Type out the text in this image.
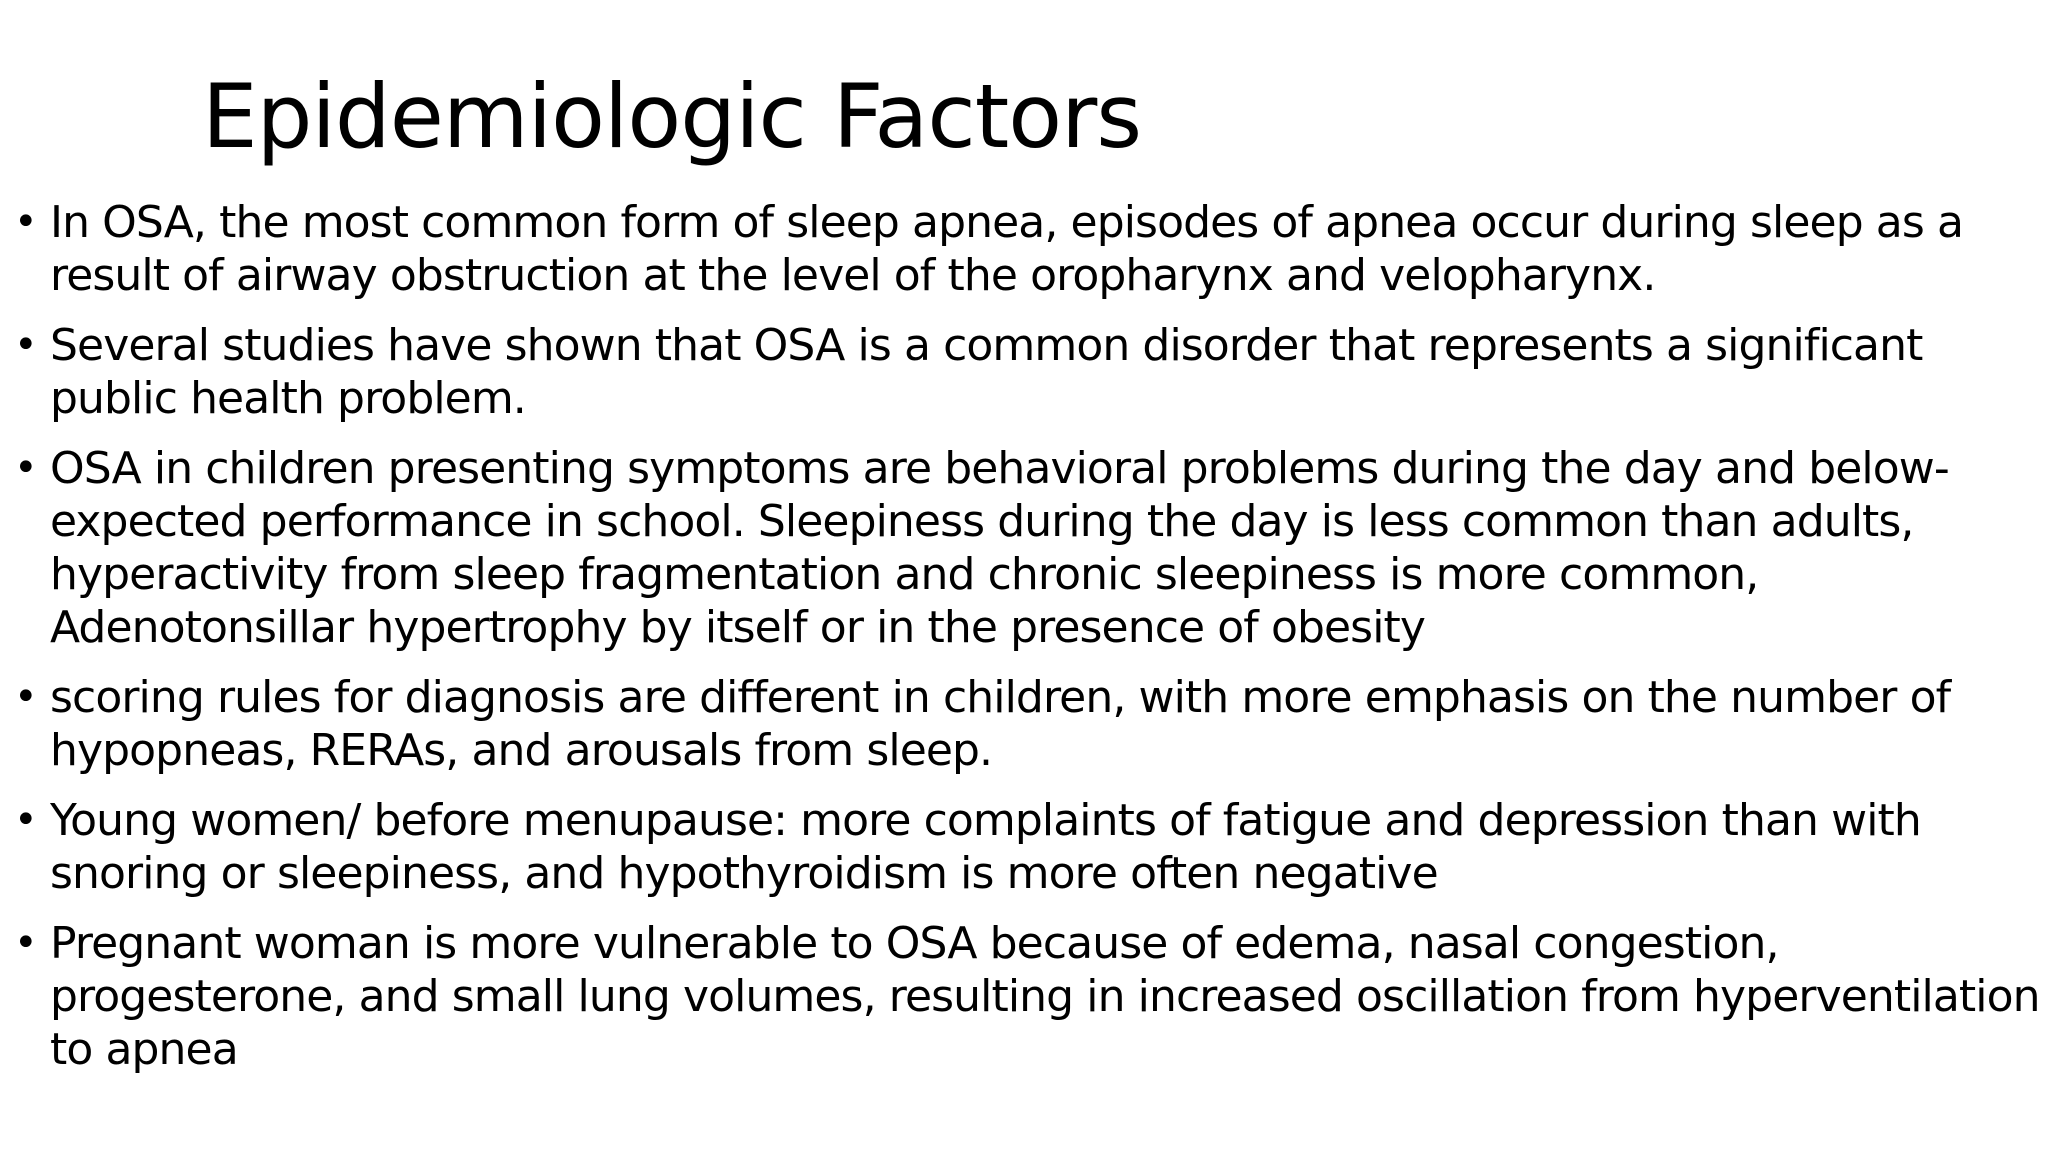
Epidemiologic Factors
• In OSA, the most common form of sleep apnea, episodes of apnea occur during sleep as a result of airway obstruction at the level of the oropharynx and velopharynx.
• Several studies have shown that OSA is a common disorder that represents a significant public health problem.
• OSA in children presenting symptoms are behavioral problems during the day and below-expected performance in school. Sleepiness during the day is less common than adults, hyperactivity from sleep fragmentation and chronic sleepiness is more common, Adenotonsillar hypertrophy by itself or in the presence of obesity
• scoring rules for diagnosis are different in children, with more emphasis on the number of hypopneas, RERAs, and arousals from sleep.
• Young women/ before menupause: more complaints of fatigue and depression than with snoring or sleepiness, and hypothyroidism is more often negative
• Pregnant woman is more vulnerable to OSA because of edema, nasal congestion, progesterone, and small lung volumes, resulting in increased oscillation from hyperventilation to apnea
